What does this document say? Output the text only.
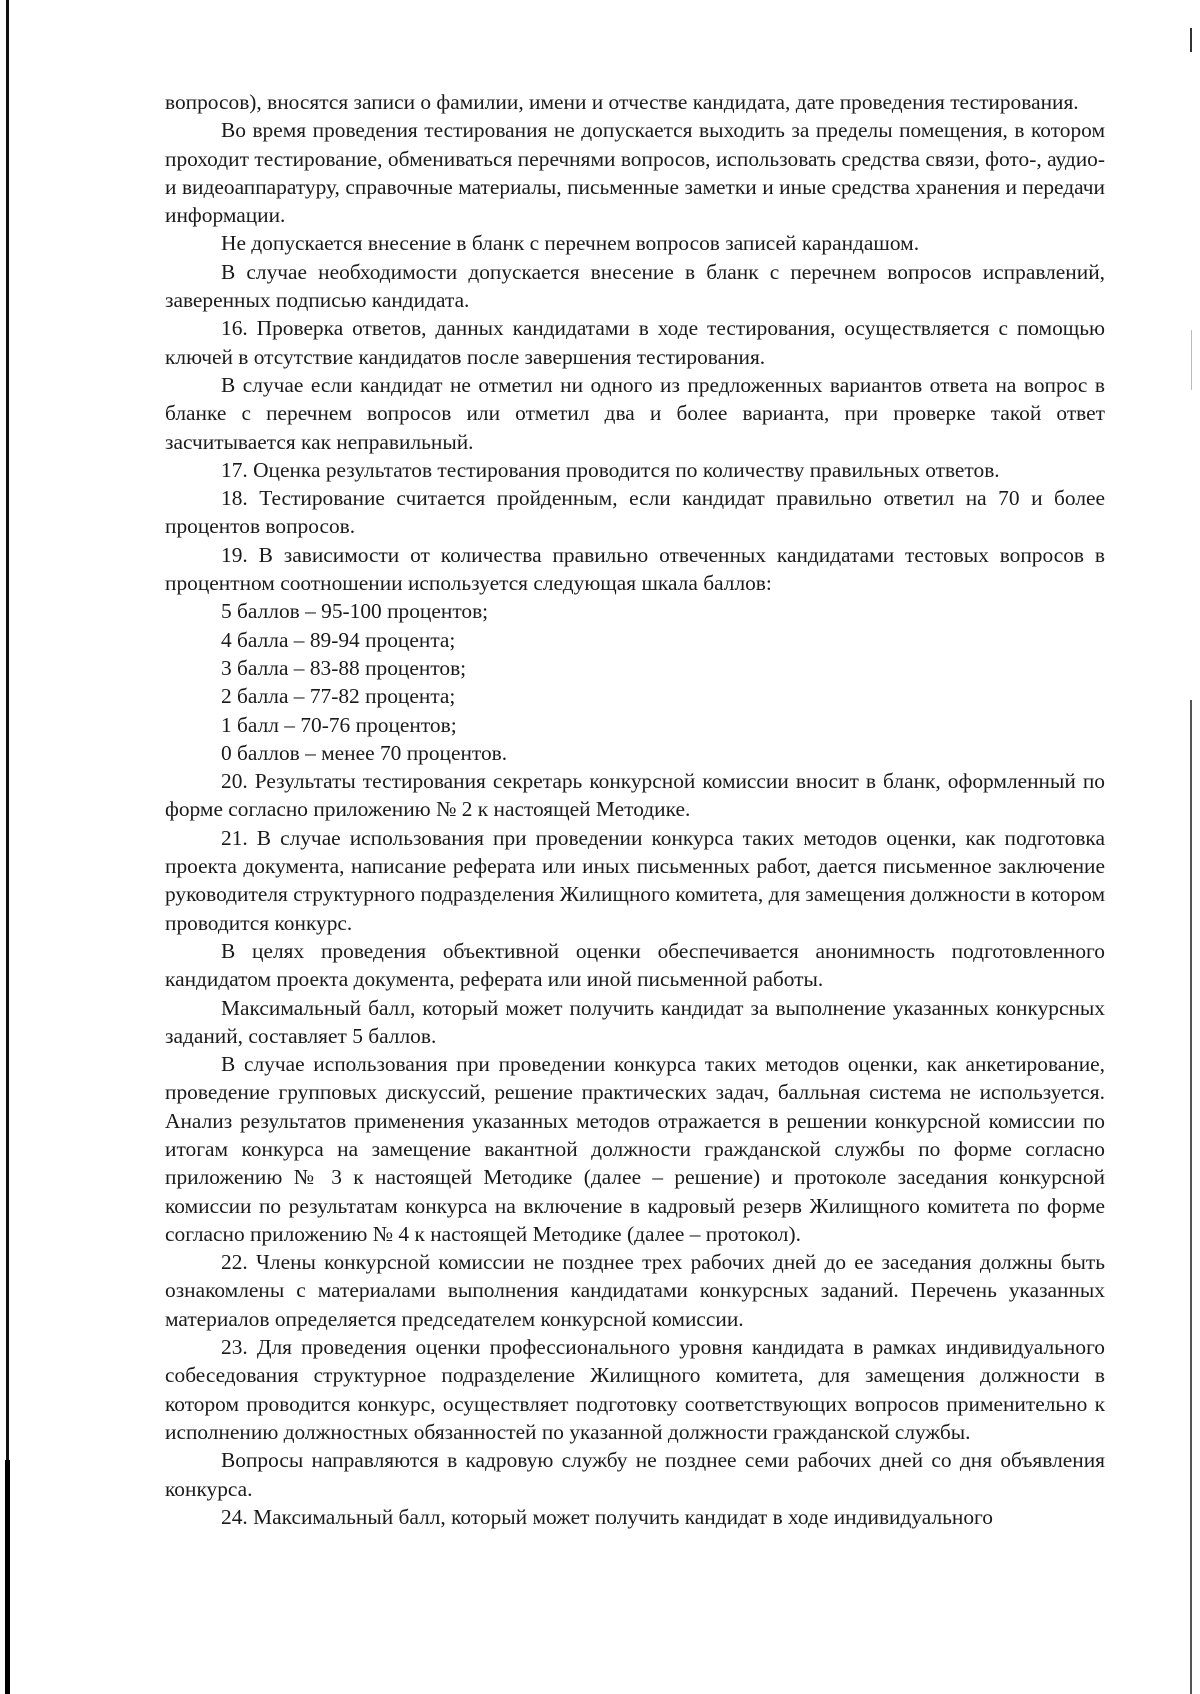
вопросов), вносятся записи о фамилии, имени и отчестве кандидата, дате проведения тестирования.

Во время проведения тестирования не допускается выходить за пределы помещения, в котором проходит тестирование, обмениваться перечнями вопросов, использовать средства связи, фото-, аудио- и видеоаппаратуру, справочные материалы, письменные заметки и иные средства хранения и передачи информации.

Не допускается внесение в бланк с перечнем вопросов записей карандашом.

В случае необходимости допускается внесение в бланк с перечнем вопросов исправлений, заверенных подписью кандидата.

16. Проверка ответов, данных кандидатами в ходе тестирования, осуществляется с помощью ключей в отсутствие кандидатов после завершения тестирования.

В случае если кандидат не отметил ни одного из предложенных вариантов ответа на вопрос в бланке с перечнем вопросов или отметил два и более варианта, при проверке такой ответ засчитывается как неправильный.

17. Оценка результатов тестирования проводится по количеству правильных ответов.

18. Тестирование считается пройденным, если кандидат правильно ответил на 70 и более процентов вопросов.

19. В зависимости от количества правильно отвеченных кандидатами тестовых вопросов в процентном соотношении используется следующая шкала баллов:

5 баллов – 95-100 процентов;

4 балла – 89-94 процента;

3 балла – 83-88 процентов;

2 балла – 77-82 процента;

1 балл – 70-76 процентов;

0 баллов – менее 70 процентов.

20. Результаты тестирования секретарь конкурсной комиссии вносит в бланк, оформленный по форме согласно приложению № 2 к настоящей Методике.

21. В случае использования при проведении конкурса таких методов оценки, как подготовка проекта документа, написание реферата или иных письменных работ, дается письменное заключение руководителя структурного подразделения Жилищного комитета, для замещения должности в котором проводится конкурс.

В целях проведения объективной оценки обеспечивается анонимность подготовленного кандидатом проекта документа, реферата или иной письменной работы.

Максимальный балл, который может получить кандидат за выполнение указанных конкурсных заданий, составляет 5 баллов.

В случае использования при проведении конкурса таких методов оценки, как анкетирование, проведение групповых дискуссий, решение практических задач, балльная система не используется. Анализ результатов применения указанных методов отражается в решении конкурсной комиссии по итогам конкурса на замещение вакантной должности гражданской службы по форме согласно приложению № 3 к настоящей Методике (далее – решение) и протоколе заседания конкурсной комиссии по результатам конкурса на включение в кадровый резерв Жилищного комитета по форме согласно приложению № 4 к настоящей Методике (далее – протокол).

22. Члены конкурсной комиссии не позднее трех рабочих дней до ее заседания должны быть ознакомлены с материалами выполнения кандидатами конкурсных заданий. Перечень указанных материалов определяется председателем конкурсной комиссии.

23. Для проведения оценки профессионального уровня кандидата в рамках индивидуального собеседования структурное подразделение Жилищного комитета, для замещения должности в котором проводится конкурс, осуществляет подготовку соответствующих вопросов применительно к исполнению должностных обязанностей по указанной должности гражданской службы.

Вопросы направляются в кадровую службу не позднее семи рабочих дней со дня объявления конкурса.

24. Максимальный балл, который может получить кандидат в ходе индивидуального
